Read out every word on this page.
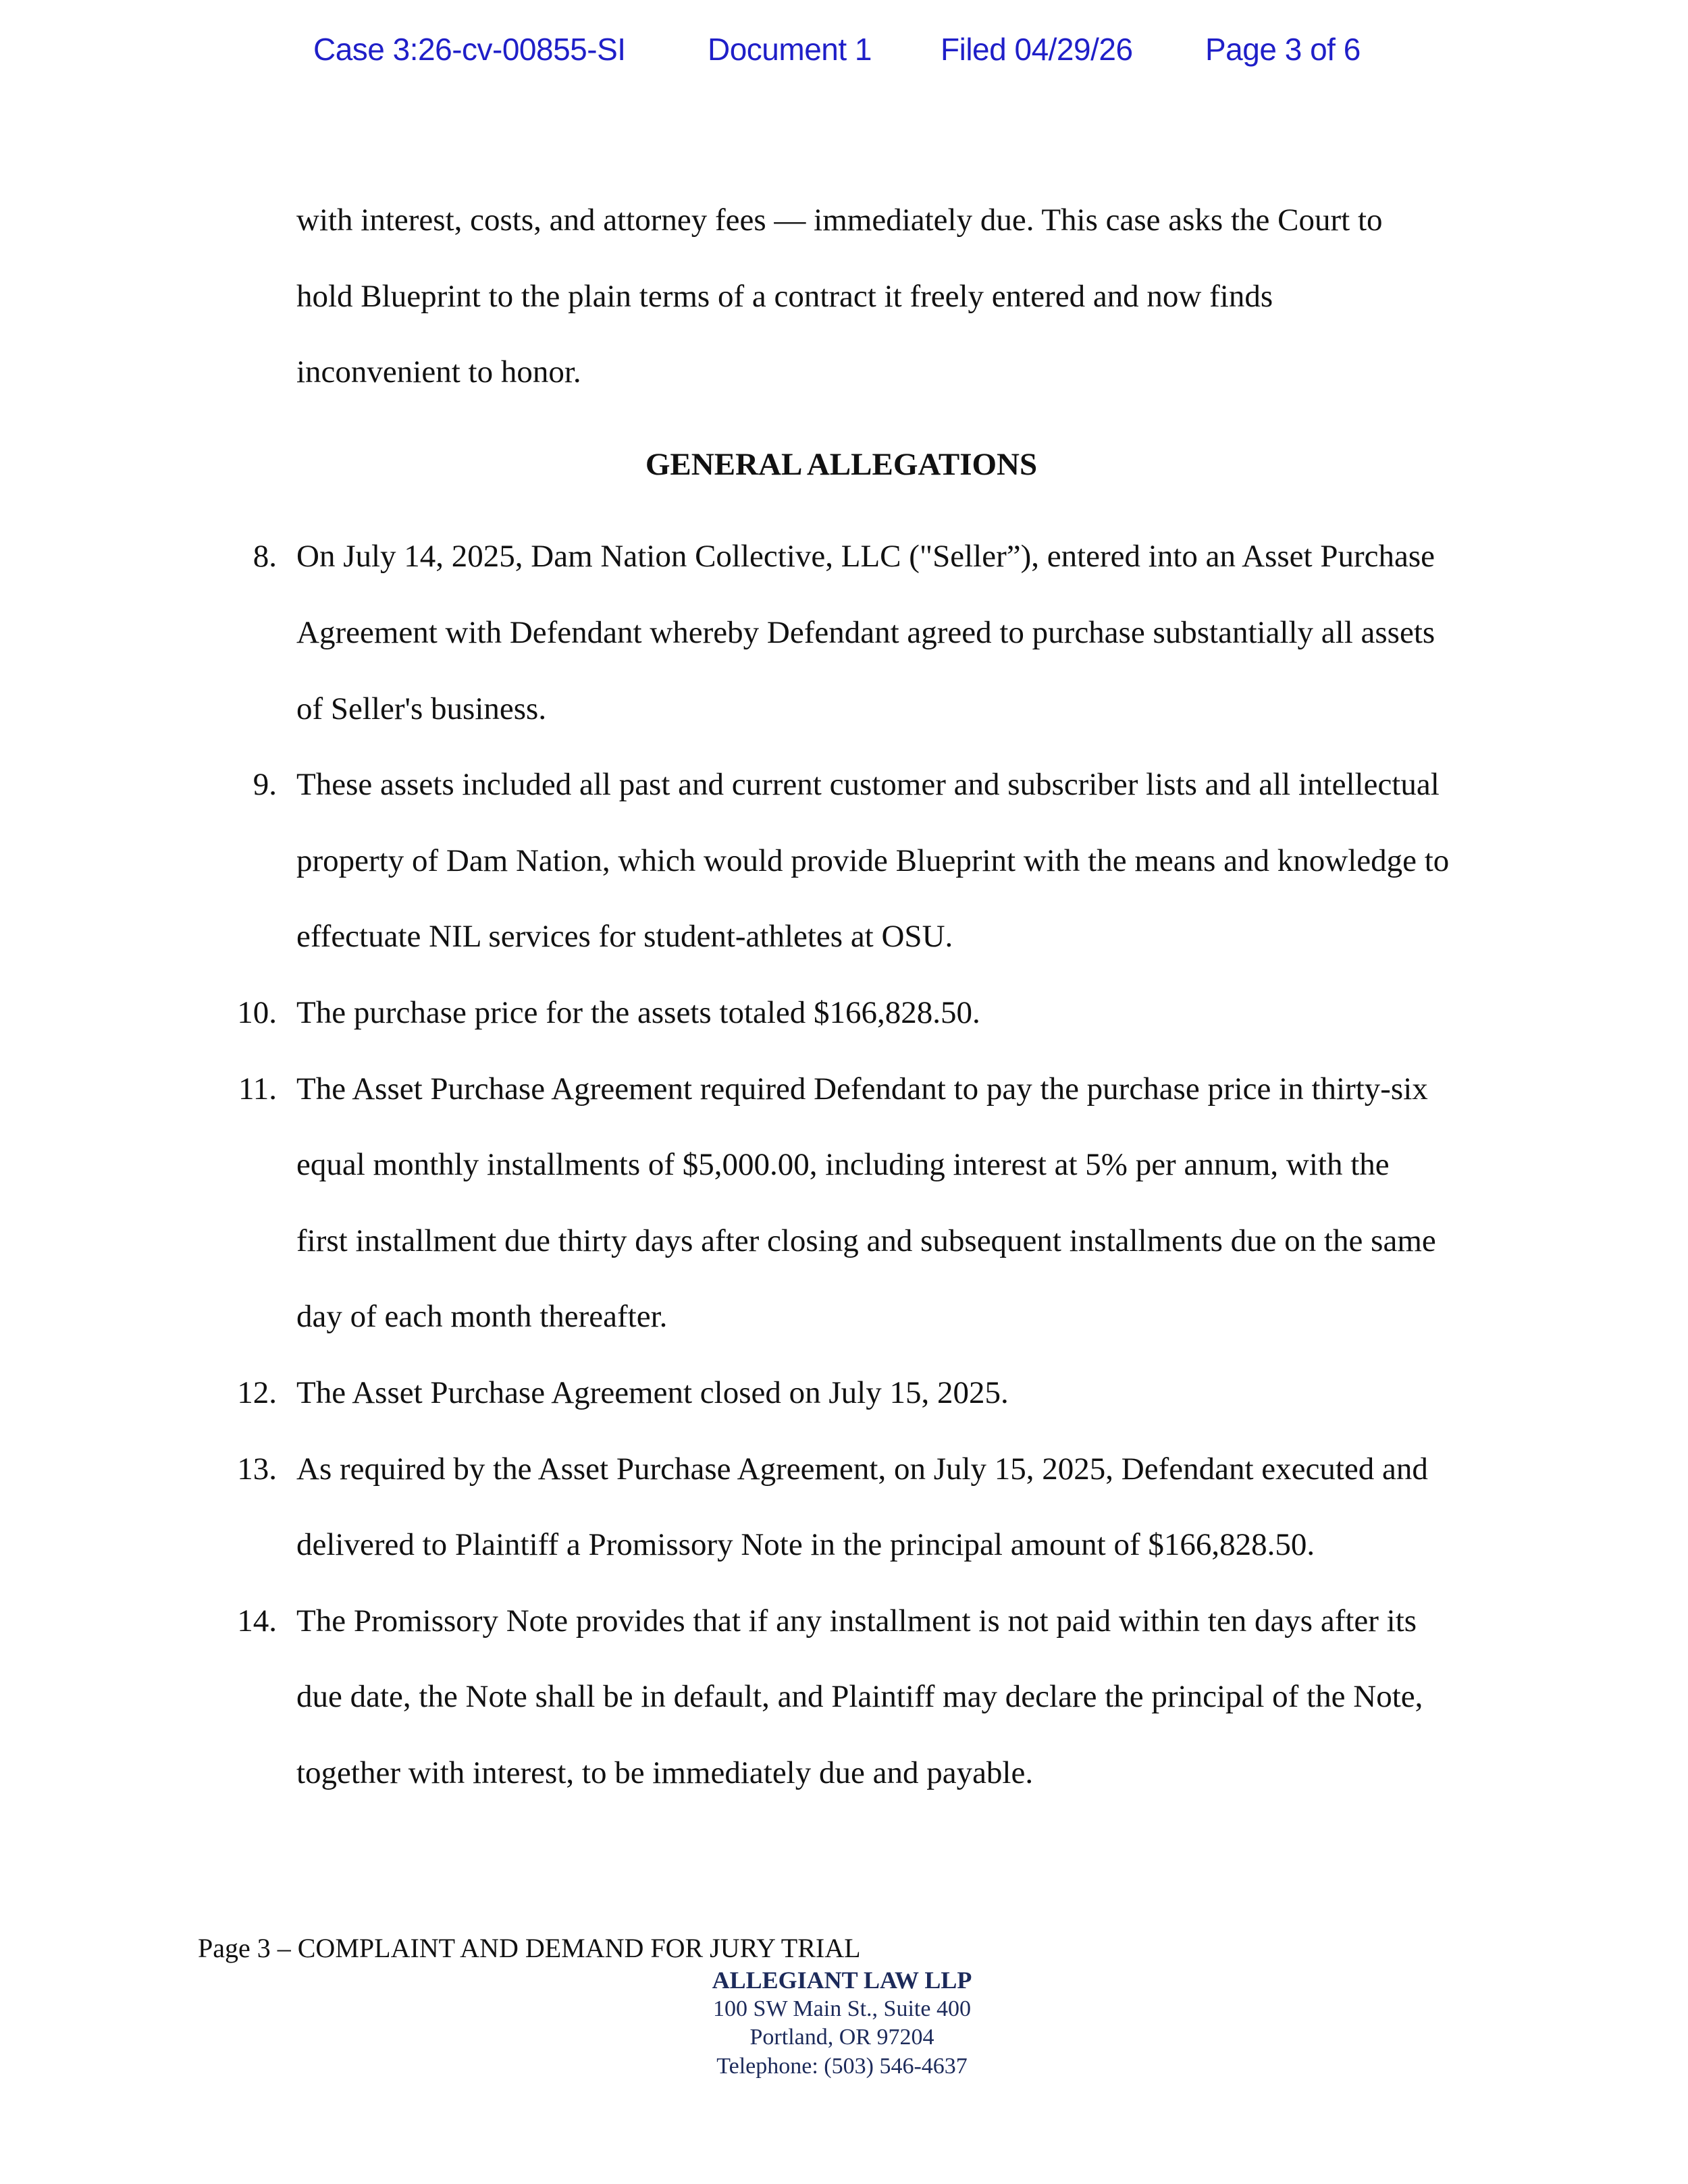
Case 3:26-cv-00855-SI	Document 1 Filed 04/29/26 Page 3 of 6
with interest, costs, and attorney fees — immediately due. This case asks the Court to
hold Blueprint to the plain terms of a contract it freely entered and now finds
inconvenient to honor.
GENERAL ALLEGATIONS
8. On July 14, 2025, Dam Nation Collective, LLC ("Seller”), entered into an Asset Purchase
Agreement with Defendant whereby Defendant agreed to purchase substantially all assets
of Seller's business.
9. These assets included all past and current customer and subscriber lists and all intellectual
property of Dam Nation, which would provide Blueprint with the means and knowledge to
effectuate NIL services for student-athletes at OSU.
10. The purchase price for the assets totaled $166,828.50.
11. The Asset Purchase Agreement required Defendant to pay the purchase price in thirty-six
equal monthly installments of $5,000.00, including interest at 5% per annum, with the
first installment due thirty days after closing and subsequent installments due on the same
day of each month thereafter.
12. The Asset Purchase Agreement closed on July 15, 2025.
13. As required by the Asset Purchase Agreement, on July 15, 2025, Defendant executed and
delivered to Plaintiff a Promissory Note in the principal amount of $166,828.50.
14. The Promissory Note provides that if any installment is not paid within ten days after its
due date, the Note shall be in default, and Plaintiff may declare the principal of the Note,
together with interest, to be immediately due and payable.
Page 3 – COMPLAINT AND DEMAND FOR JURY TRIAL
ALLEGIANT LAW LLP
100 SW Main St., Suite 400
Portland, OR 97204
Telephone: (503) 546-4637
